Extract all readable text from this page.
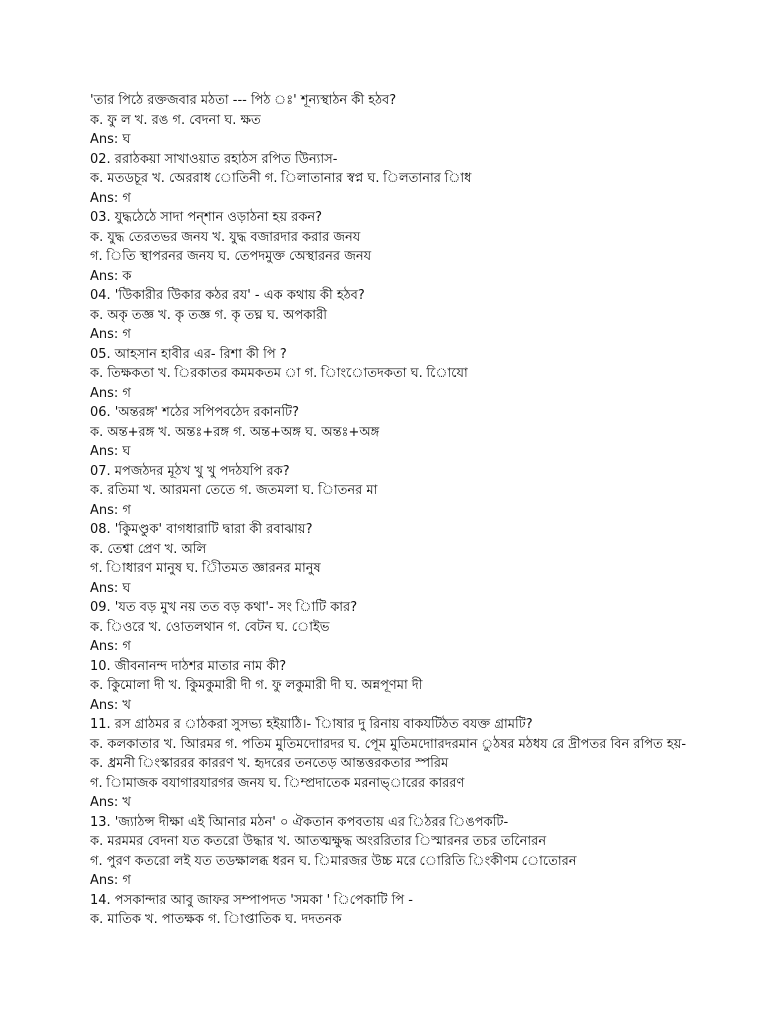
'তার পিঠে রক্তজবার মঠতা --- পিঠ ঃ' শূন্যস্থাঠন কী হঠব?
ক. ফু ল খ. রঙ গ. বেদনা ঘ. ক্ষত
Ans: ঘ
02. ররাঠকয়া সাখাওয়াত রহাঠস রপিত উিন্যাস-
ক. মতডচূর খ. অেররাধ োতিনী গ. িলাতানার স্বপ্ন ঘ. িলতানার িাধ
Ans: গ
03. যুদ্ধঠেঠে সাদা পন্শান ওড়াঠনা হয় রকন?
ক. যুদ্ধ তেরতভর জনয খ. যুদ্ধ বজারদার করার জনয
গ. িতি স্থাপরনর জনয ঘ. তেপদমুক্ত অেস্থারনর জনয
Ans: ক
04. 'উিকারীর উিকার কঠর রয' - এক কথায় কী হঠব?
ক. অকৃ তজ্ঞ খ. কৃ তজ্ঞ গ. কৃ তঘ্ন ঘ. অপকারী
Ans: গ
05. আহসান হাবীর এর- রিশা কী পি ?
ক. তিক্ষকতা খ. িরকাতর কমমকতম া গ. িাংোতদকতা ঘ. োিযো
Ans: গ
06. 'অন্তরঙ্গ' শঠের সপিপবঠেদ রকানটি?
ক. অন্ত+রঙ্গ খ. অন্তঃ+রঙ্গ গ. অন্ত+অঙ্গ ঘ. অন্তঃ+অঙ্গ
Ans: ঘ
07. মপজঠদর মূঠখ খু খু পদঠযপি রক?
ক. রতিমা খ. আরমনা তেতে গ. জতমলা ঘ. িাতনর মা
Ans: গ
08. 'কুিমণ্ডুক' বাগধারাটি দ্বারা কী রবাঝায়?
ক. তেশ্বা প্রেণ খ. অলি
গ. িাধারণ মানুষ ঘ. িীতমত জ্ঞারনর মানুষ
Ans: ঘ
09. 'যত বড় মুখ নয় তত বড় কথা'- সং িাটি কার?
ক. িওরে খ. ওোতলথান গ. বেটন ঘ. োইভ
Ans: গ
10. জীবনানন্দ দাঠশর মাতার নাম কী?
ক. কুিমোলা দী খ. কুিমকুমারী দী গ. ফু লকুমারী দী ঘ. অন্নপূণমা দী
Ans: খ
11. রস গ্রাঠমর র াঠকরা সুসভ্য হইয়াঠি।- 'িাষার দু রিনায় বাকযটিঠত বযক্ত গ্রামটি?
ক. কলকাতার খ. আিরমর গ. পতিম মুতিমদাোরদর ঘ. পূেম মুতিমদাোরদরমান ুঠষর মঠধয রে দ্রীপতর বিন রপিত হয়-
ক. ধ্রমনী িংস্কাররর কাররণ খ. হৃদরের তনতেড় আন্তত্তরকতার স্পরিম
গ. িামাজক বযাগারযারগর জনয ঘ. িম্প্রদাতেক মরনাভ্ারের কাররণ
Ans: খ
13. 'জ্যাঠন্স দীক্ষা এই আিনার মঠন' ০ ঐকতান কপবতায় এর িঠরর িঙপকটি-
ক. মরমমর বেদনা যত কতরো উদ্ধার খ. আতত্মক্ষুদ্ধ অংররিতার িস্মারনর তচর তনেিারন
গ. পুরণ কতরো লই যত তডক্ষালব্ধ ধরন ঘ. িমারজর উচ্চ মরে োরিতি িংকীণম োতোরন
Ans: গ
14. পসকান্দার আবু জাফর সম্পাপদত 'সমকা ' িপেকাটি পি -
ক. মাতিক খ. পাতক্ষক গ. িাপ্তাতিক ঘ. দদতনক
